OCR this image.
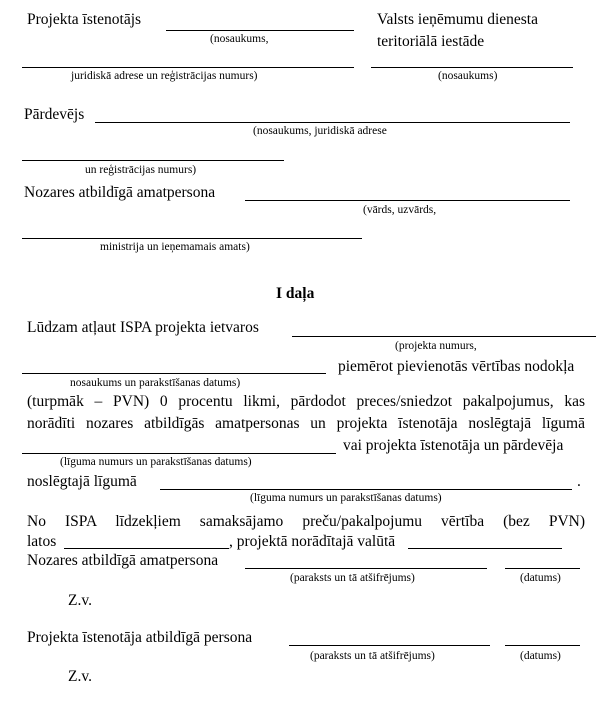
Projekta īstenotājs
(nosaukums,
Valsts ieņēmumu dienesta
teritoriālā iestāde
juridiskā adrese un reģistrācijas numurs)	(nosaukums)
Pārdevējs
(nosaukums, juridiskā adrese
un reģistrācijas numurs)
Nozares atbildīgā amatpersona
(vārds, uzvārds,
ministrija un ieņemamais amats)
I daļa
Lūdzam atļaut ISPA projekta ietvaros
(projekta numurs,
piemērot pievienotās vērtības nodokļa
nosaukums un parakstīšanas datums)
(turpmāk – PVN) 0 procentu likmi, pārdodot preces/sniedzot pakalpojumus, kas
norādīti nozares atbildīgās amatpersonas un projekta īstenotāja noslēgtajā līgumā
vai projekta īstenotāja un pārdevēja
(līguma numurs un parakstīšanas datums)
noslēgtajā līgumā	.
(līguma numurs un parakstīšanas datums)
No ISPA līdzekļiem samaksājamo preču/pakalpojumu vērtība (bez PVN)
latos	, projektā norādītajā valūtā
Nozares atbildīgā amatpersona
(paraksts un tā atšifrējums)	(datums)
Z.v.
Projekta īstenotāja atbildīgā persona
(paraksts un tā atšifrējums)	(datums)
Z.v.
